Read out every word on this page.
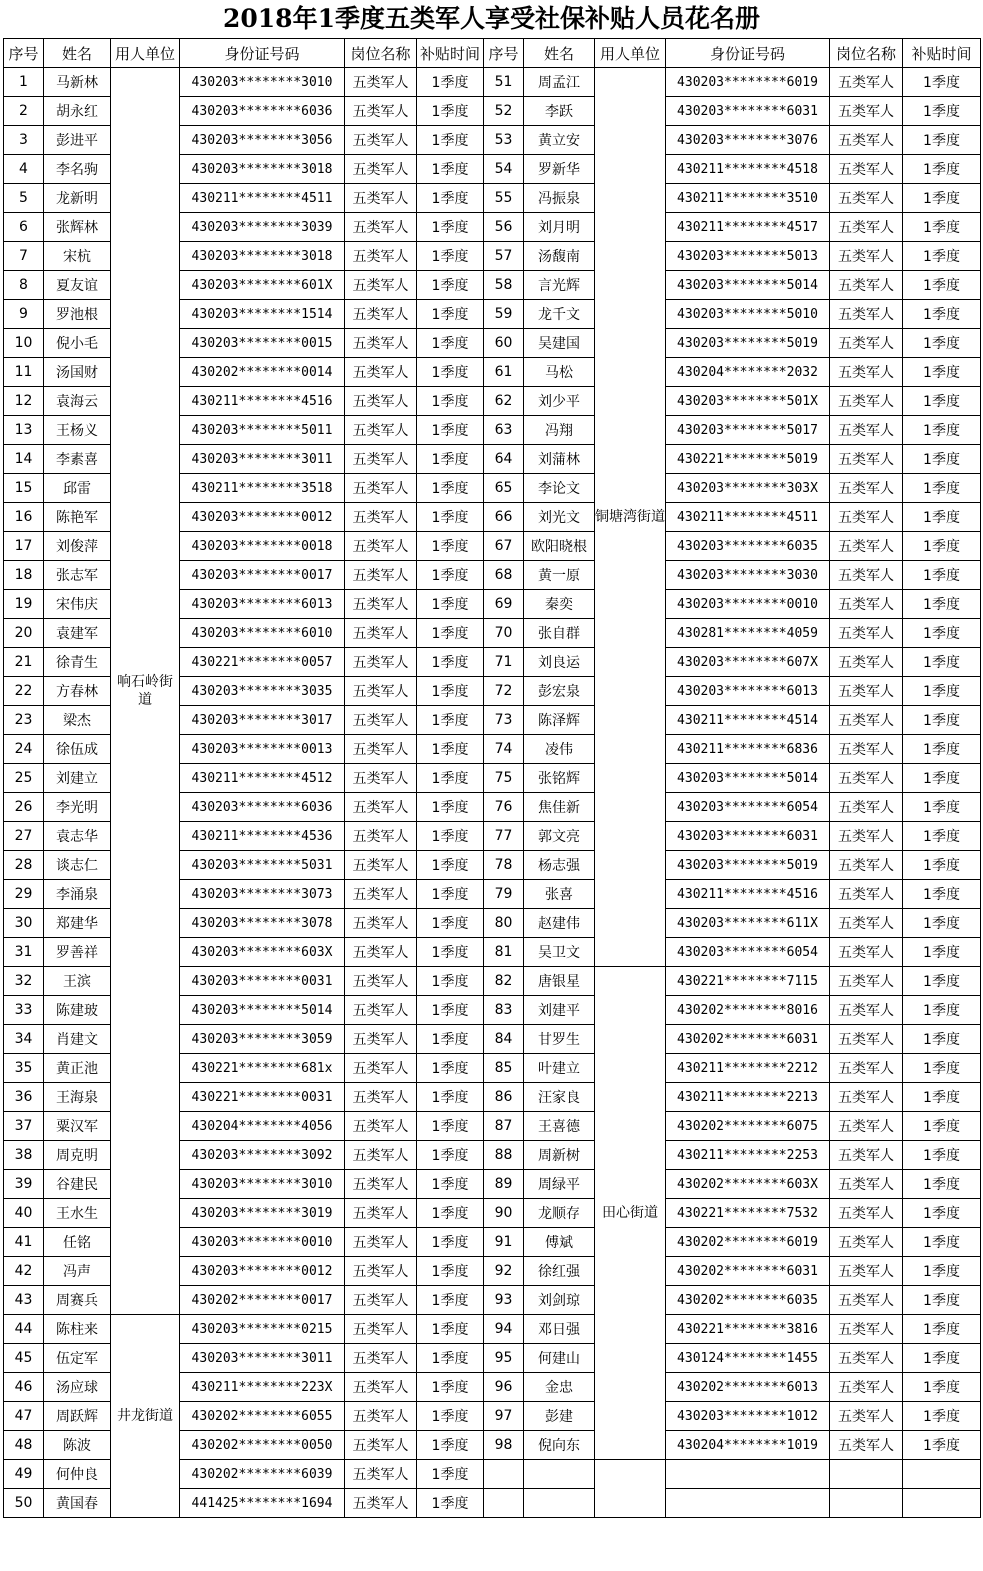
2018年1季度五类军人享受社保补贴人员花名册
序号	姓名	用人单位	身份证号码	岗位名称	补贴时间	序号	姓名	用人单位	身份证号码	岗位名称	补贴时间
1	马新林	响石岭街道	430203********3010	五类军人	1季度	51	周孟江	铜塘湾街道	430203********6019	五类军人	1季度
2	胡永红		430203********6036	五类军人	1季度	52	李跃		430203********6031	五类军人	1季度
3	彭进平		430203********3056	五类军人	1季度	53	黄立安		430203********3076	五类军人	1季度
4	李名驹		430203********3018	五类军人	1季度	54	罗新华		430211********4518	五类军人	1季度
5	龙新明		430211********4511	五类军人	1季度	55	冯振泉		430211********3510	五类军人	1季度
6	张辉林		430203********3039	五类军人	1季度	56	刘月明		430211********4517	五类军人	1季度
7	宋杭		430203********3018	五类军人	1季度	57	汤馥南		430203********5013	五类军人	1季度
8	夏友谊		430203********601X	五类军人	1季度	58	言光辉		430203********5014	五类军人	1季度
9	罗池根		430203********1514	五类军人	1季度	59	龙千文		430203********5010	五类军人	1季度
10	倪小毛		430203********0015	五类军人	1季度	60	吴建国		430203********5019	五类军人	1季度
11	汤国财		430202********0014	五类军人	1季度	61	马松		430204********2032	五类军人	1季度
12	袁海云		430211********4516	五类军人	1季度	62	刘少平		430203********501X	五类军人	1季度
13	王杨义		430203********5011	五类军人	1季度	63	冯翔		430203********5017	五类军人	1季度
14	李素喜		430203********3011	五类军人	1季度	64	刘蒲林		430221********5019	五类军人	1季度
15	邱雷		430211********3518	五类军人	1季度	65	李论文		430203********303X	五类军人	1季度
16	陈艳军		430203********0012	五类军人	1季度	66	刘光文		430211********4511	五类军人	1季度
17	刘俊萍		430203********0018	五类军人	1季度	67	欧阳晓根		430203********6035	五类军人	1季度
18	张志军		430203********0017	五类军人	1季度	68	黄一原		430203********3030	五类军人	1季度
19	宋伟庆		430203********6013	五类军人	1季度	69	秦奕		430203********0010	五类军人	1季度
20	袁建军		430203********6010	五类军人	1季度	70	张自群		430281********4059	五类军人	1季度
21	徐青生		430221********0057	五类军人	1季度	71	刘良运		430203********607X	五类军人	1季度
22	方春林		430203********3035	五类军人	1季度	72	彭宏泉		430203********6013	五类军人	1季度
23	梁杰		430203********3017	五类军人	1季度	73	陈泽辉		430211********4514	五类军人	1季度
24	徐伍成		430203********0013	五类军人	1季度	74	凌伟		430211********6836	五类军人	1季度
25	刘建立		430211********4512	五类军人	1季度	75	张铭辉		430203********5014	五类军人	1季度
26	李光明		430203********6036	五类军人	1季度	76	焦佳新		430203********6054	五类军人	1季度
27	袁志华		430211********4536	五类军人	1季度	77	郭文亮		430203********6031	五类军人	1季度
28	谈志仁		430203********5031	五类军人	1季度	78	杨志强		430203********5019	五类军人	1季度
29	李涌泉		430203********3073	五类军人	1季度	79	张喜		430211********4516	五类军人	1季度
30	郑建华		430203********3078	五类军人	1季度	80	赵建伟		430203********611X	五类军人	1季度
31	罗善祥		430203********603X	五类军人	1季度	81	吴卫文		430203********6054	五类军人	1季度
32	王滨		430203********0031	五类军人	1季度	82	唐银星	田心街道	430221********7115	五类军人	1季度
33	陈建玻		430203********5014	五类军人	1季度	83	刘建平		430202********8016	五类军人	1季度
34	肖建文		430203********3059	五类军人	1季度	84	甘罗生		430202********6031	五类军人	1季度
35	黄正池		430221********681x	五类军人	1季度	85	叶建立		430211********2212	五类军人	1季度
36	王海泉		430221********0031	五类军人	1季度	86	汪家良		430211********2213	五类军人	1季度
37	粟汉军		430204********4056	五类军人	1季度	87	王喜德		430202********6075	五类军人	1季度
38	周克明		430203********3092	五类军人	1季度	88	周新树		430211********2253	五类军人	1季度
39	谷建民		430203********3010	五类军人	1季度	89	周绿平		430202********603X	五类军人	1季度
40	王水生		430203********3019	五类军人	1季度	90	龙顺存		430221********7532	五类军人	1季度
41	任铭		430203********0010	五类军人	1季度	91	傅斌		430202********6019	五类军人	1季度
42	冯声		430203********0012	五类军人	1季度	92	徐红强		430202********6031	五类军人	1季度
43	周赛兵		430202********0017	五类军人	1季度	93	刘剑琼		430202********6035	五类军人	1季度
44	陈柱来	井龙街道	430203********0215	五类军人	1季度	94	邓日强		430221********3816	五类军人	1季度
45	伍定军		430203********3011	五类军人	1季度	95	何建山		430124********1455	五类军人	1季度
46	汤应球		430211********223X	五类军人	1季度	96	金忠		430202********6013	五类军人	1季度
47	周跃辉		430202********6055	五类军人	1季度	97	彭建		430203********1012	五类军人	1季度
48	陈波		430202********0050	五类军人	1季度	98	倪向东		430204********1019	五类军人	1季度
49	何仲良		430202********6039	五类军人	1季度						
50	黄国春		441425********1694	五类军人	1季度						
